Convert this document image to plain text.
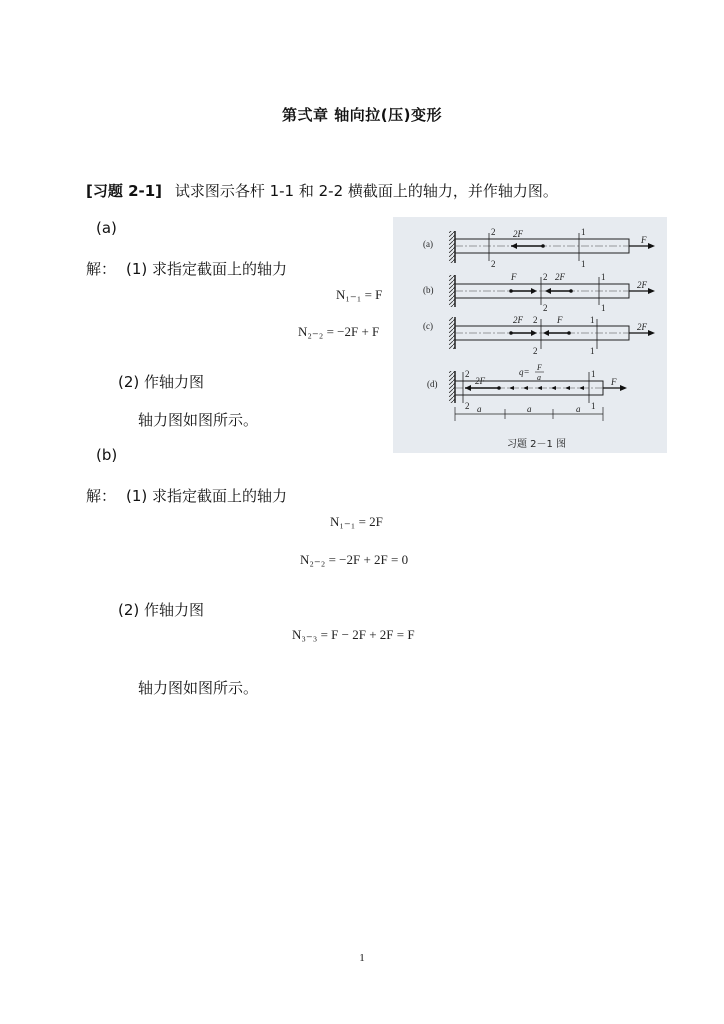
第弍章 轴向拉(压)变形
[习题 2-1] 试求图示各杆 1-1 和 2-2 横截面上的轴力，并作轴力图。
(a)
解： (1) 求指定截面上的轴力
N₁₋₁ = F
N₂₋₂ = −2F + F
(2) 作轴力图
轴力图如图所示。
(b)
解： (1) 求指定截面上的轴力
N₁₋₁ = 2F
N₂₋₂ = −2F + 2F = 0
(2) 作轴力图
N₃₋₃ = F − 2F + 2F = F
轴力图如图所示。
(a)
2
2
1
1
2F
F
(b)
2
2
1
1
F	2F
2F
(c)
2
2
1
1
2F	F
2F
(d)
2
2
1
1
−2F
q= F
a	F
a	a	a
习题 2－1 图
1
